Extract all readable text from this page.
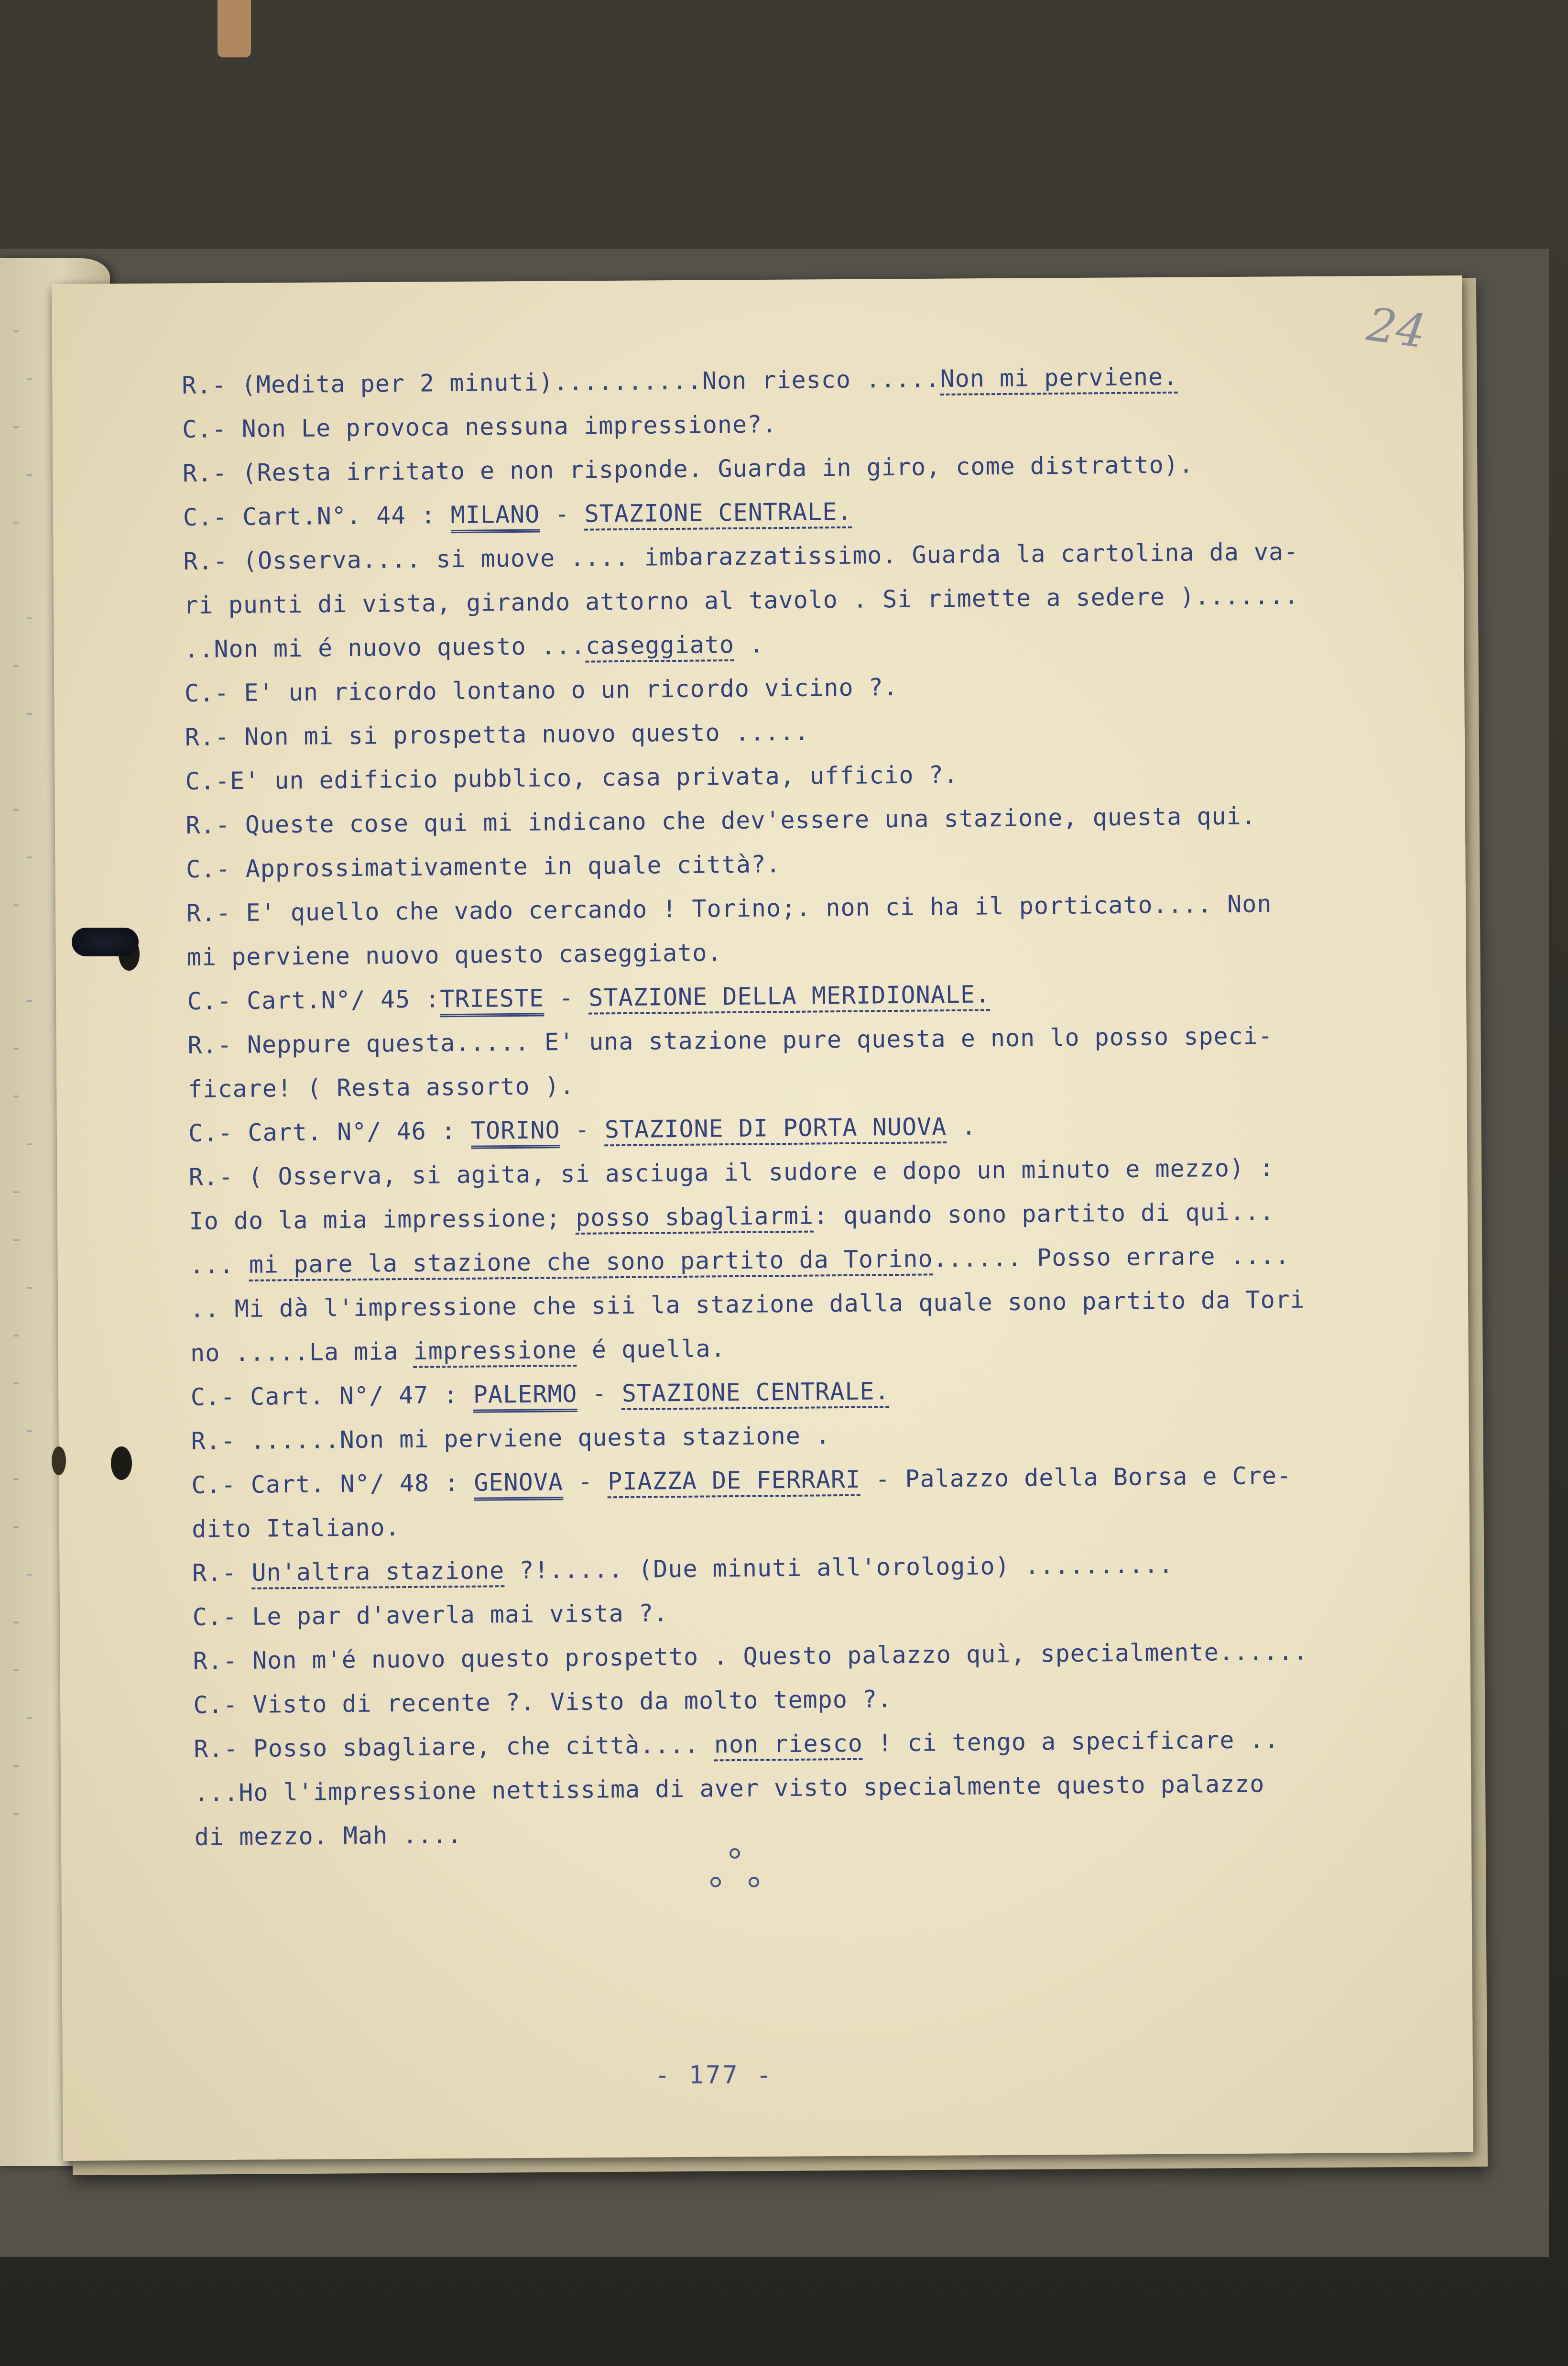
-
-
-
-
-

-
-
-

-
-
-

-
-
-
-
-
-
-
-
-
-
-
-
-
-
-
-
-
-
24
R.- (Medita per 2 minuti)..........Non riesco .....Non mi perviene.
C.- Non Le provoca nessuna impressione?.
R.- (Resta irritato e non risponde. Guarda in giro, come distratto).
C.- Cart.N°. 44 : MILANO - STAZIONE CENTRALE.
R.- (Osserva.... si muove .... imbarazzatissimo. Guarda la cartolina da va-
ri punti di vista, girando attorno al tavolo . Si rimette a sedere ).......
..Non mi é nuovo questo ...caseggiato .
C.- E' un ricordo lontano o un ricordo vicino ?.
R.- Non mi si prospetta nuovo questo .....
C.-E' un edificio pubblico, casa privata, ufficio ?.
R.- Queste cose qui mi indicano che dev'essere una stazione, questa qui.
C.- Approssimativamente in quale città?.
R.- E' quello che vado cercando ! Torino;. non ci ha il porticato.... Non
mi perviene nuovo questo caseggiato.
C.- Cart.N°/ 45 :TRIESTE - STAZIONE DELLA MERIDIONALE.
R.- Neppure questa..... E' una stazione pure questa e non lo posso speci-
ficare! ( Resta assorto ).
C.- Cart. N°/ 46 : TORINO - STAZIONE DI PORTA NUOVA .
R.- ( Osserva, si agita, si asciuga il sudore e dopo un minuto e mezzo) :
Io do la mia impressione; posso sbagliarmi: quando sono partito di qui...
... mi pare la stazione che sono partito da Torino...... Posso errare ....
.. Mi dà l'impressione che sii la stazione dalla quale sono partito da Tori
no .....La mia impressione é quella.
C.- Cart. N°/ 47 : PALERMO - STAZIONE CENTRALE.
R.- ......Non mi perviene questa stazione .
C.- Cart. N°/ 48 : GENOVA - PIAZZA DE FERRARI - Palazzo della Borsa e Cre-
dito Italiano.
R.- Un'altra stazione ?!..... (Due minuti all'orologio) ..........
C.- Le par d'averla mai vista ?.
R.- Non m'é nuovo questo prospetto . Questo palazzo quì, specialmente......
C.- Visto di recente ?. Visto da molto tempo ?.
R.- Posso sbagliare, che città.... non riesco ! ci tengo a specificare ..
...Ho l'impressione nettissima di aver visto specialmente questo palazzo
di mezzo. Mah ....
- 177 -
